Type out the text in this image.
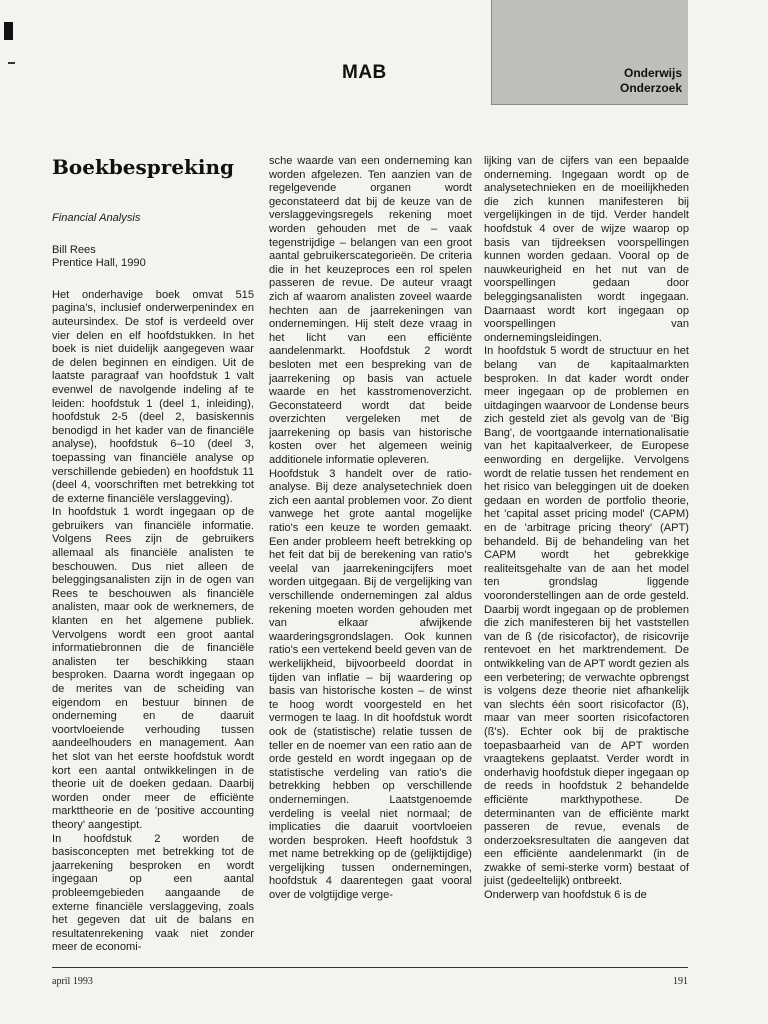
MAB	Onderwijs
Onderzoek
Boekbespreking

Financial Analysis

Bill Rees
Prentice Hall, 1990

Het onderhavige boek omvat 515 pagina's, inclusief onderwerpenindex en auteursindex. De stof is verdeeld over vier delen en elf hoofdstukken. In het boek is niet duidelijk aangegeven waar de delen beginnen en eindigen. Uit de laatste paragraaf van hoofdstuk 1 valt evenwel de navolgende indeling af te leiden: hoofdstuk 1 (deel 1, inleiding), hoofdstuk 2-5 (deel 2, basiskennis benodigd in het kader van de financiële analyse), hoofdstuk 6–10 (deel 3, toepassing van financiële analyse op verschillende gebieden) en hoofdstuk 11 (deel 4, voorschriften met betrekking tot de externe financiële verslaggeving).

In hoofdstuk 1 wordt ingegaan op de gebruikers van financiële informatie. Volgens Rees zijn de gebruikers allemaal als financiële analisten te beschouwen. Dus niet alleen de beleggingsanalisten zijn in de ogen van Rees te beschouwen als financiële analisten, maar ook de werknemers, de klanten en het algemene publiek. Vervolgens wordt een groot aantal informatiebronnen die de financiële analisten ter beschikking staan besproken. Daarna wordt ingegaan op de merites van de scheiding van eigendom en bestuur binnen de onderneming en de daaruit voortvloeiende verhouding tussen aandeelhouders en management. Aan het slot van het eerste hoofdstuk wordt kort een aantal ontwikkelingen in de theorie uit de doeken gedaan. Daarbij worden onder meer de efficiënte markttheorie en de 'positive accounting theory' aangestipt.

In hoofdstuk 2 worden de basisconcepten met betrekking tot de jaarrekening besproken en wordt ingegaan op een aantal probleemgebieden aangaande de externe financiële verslaggeving, zoals het gegeven dat uit de balans en resultatenrekening vaak niet zonder meer de economi-

sche waarde van een onderneming kan worden afgelezen. Ten aanzien van de regelgevende organen wordt geconstateerd dat bij de keuze van de verslaggevingsregels rekening moet worden gehouden met de – vaak tegenstrijdige – belangen van een groot aantal gebruikerscategorieën. De criteria die in het keuzeproces een rol spelen passeren de revue. De auteur vraagt zich af waarom analisten zoveel waarde hechten aan de jaarrekeningen van ondernemingen. Hij stelt deze vraag in het licht van een efficiënte aandelenmarkt. Hoofdstuk 2 wordt besloten met een bespreking van de jaarrekening op basis van actuele waarde en het kasstromenoverzicht. Geconstateerd wordt dat beide overzichten vergeleken met de jaarrekening op basis van historische kosten over het algemeen weinig additionele informatie opleveren.

Hoofdstuk 3 handelt over de ratio-analyse. Bij deze analysetechniek doen zich een aantal problemen voor. Zo dient vanwege het grote aantal mogelijke ratio's een keuze te worden gemaakt. Een ander probleem heeft betrekking op het feit dat bij de berekening van ratio's veelal van jaarrekeningcijfers moet worden uitgegaan. Bij de vergelijking van verschillende ondernemingen zal aldus rekening moeten worden gehouden met van elkaar afwijkende waarderingsgrondslagen. Ook kunnen ratio's een vertekend beeld geven van de werkelijkheid, bijvoorbeeld doordat in tijden van inflatie – bij waardering op basis van historische kosten – de winst te hoog wordt voorgesteld en het vermogen te laag. In dit hoofdstuk wordt ook de (statistische) relatie tussen de teller en de noemer van een ratio aan de orde gesteld en wordt ingegaan op de statistische verdeling van ratio's die betrekking hebben op verschillende ondernemingen. Laatstgenoemde verdeling is veelal niet normaal; de implicaties die daaruit voortvloeien worden besproken. Heeft hoofdstuk 3 met name betrekking op de (gelijktijdige) vergelijking tussen ondernemingen, hoofdstuk 4 daarentegen gaat vooral over de volgtijdige verge-

lijking van de cijfers van een bepaalde onderneming. Ingegaan wordt op de analysetechnieken en de moeilijkheden die zich kunnen manifesteren bij vergelijkingen in de tijd. Verder handelt hoofdstuk 4 over de wijze waarop op basis van tijdreeksen voorspellingen kunnen worden gedaan. Vooral op de nauwkeurigheid en het nut van de voorspellingen gedaan door beleggingsanalisten wordt ingegaan. Daarnaast wordt kort ingegaan op voorspellingen van ondernemingsleidingen.

In hoofdstuk 5 wordt de structuur en het belang van de kapitaalmarkten besproken. In dat kader wordt onder meer ingegaan op de problemen en uitdagingen waarvoor de Londense beurs zich gesteld ziet als gevolg van de 'Big Bang', de voortgaande internationalisatie van het kapitaalverkeer, de Europese eenwording en dergelijke. Vervolgens wordt de relatie tussen het rendement en het risico van beleggingen uit de doeken gedaan en worden de portfolio theorie, het 'capital asset pricing model' (CAPM) en de 'arbitrage pricing theory' (APT) behandeld. Bij de behandeling van het CAPM wordt het gebrekkige realiteitsgehalte van de aan het model ten grondslag liggende vooronderstellingen aan de orde gesteld. Daarbij wordt ingegaan op de problemen die zich manifesteren bij het vaststellen van de ß (de risicofactor), de risicovrije rentevoet en het marktrendement. De ontwikkeling van de APT wordt gezien als een verbetering; de verwachte opbrengst is volgens deze theorie niet afhankelijk van slechts één soort risicofactor (ß), maar van meer soorten risicofactoren (ß's). Echter ook bij de praktische toepasbaarheid van de APT worden vraagtekens geplaatst. Verder wordt in onderhavig hoofdstuk dieper ingegaan op de reeds in hoofdstuk 2 behandelde efficiënte markthypothese. De determinanten van de efficiënte markt passeren de revue, evenals de onderzoeksresultaten die aangeven dat een efficiënte aandelenmarkt (in de zwakke of semi-sterke vorm) bestaat of juist (gedeeltelijk) ontbreekt.

Onderwerp van hoofdstuk 6 is de

april 1993	191
